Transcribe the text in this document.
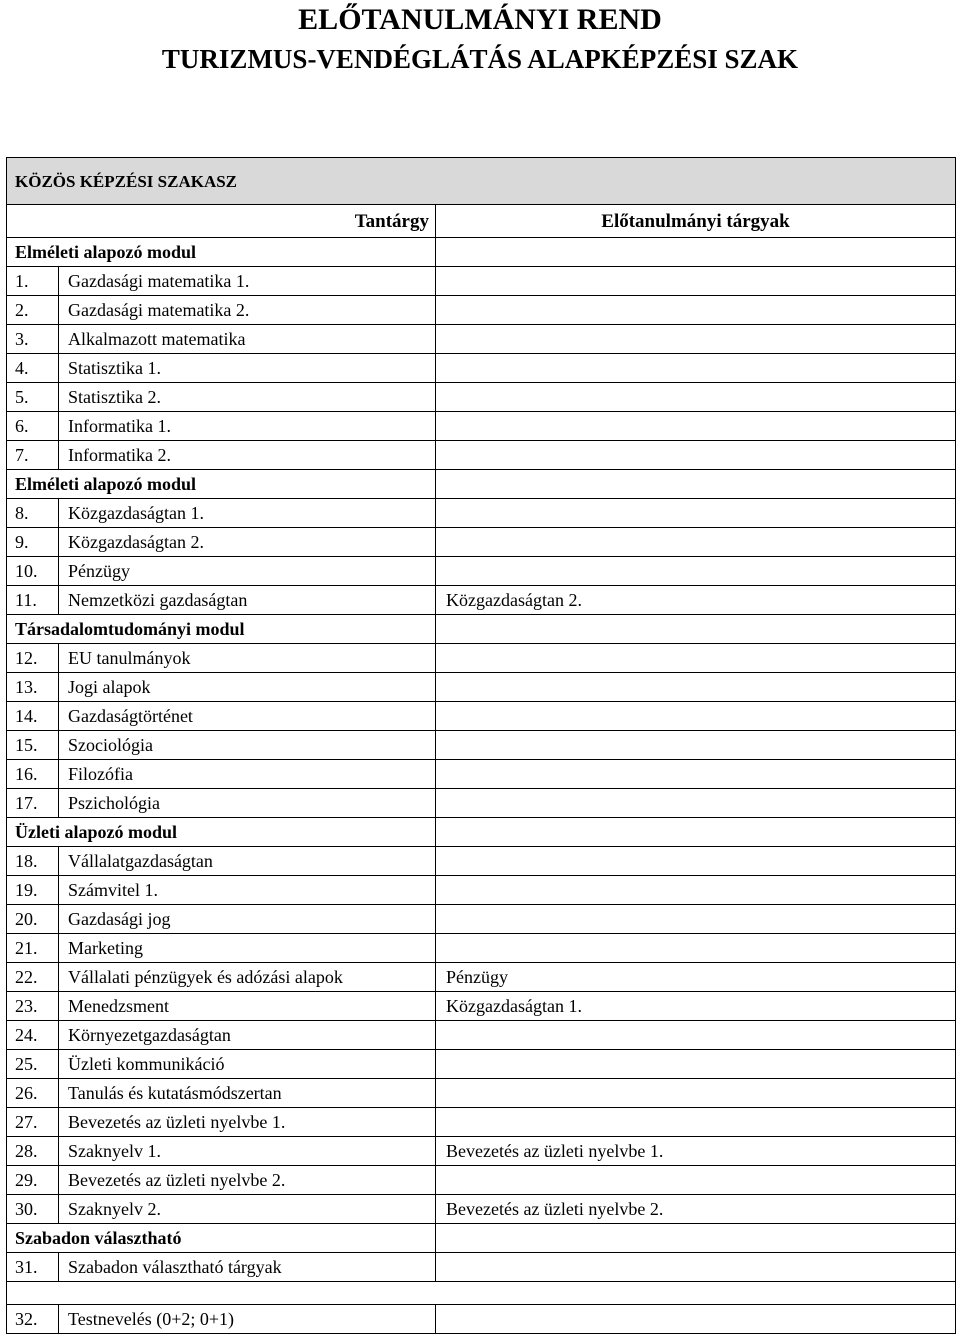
ELŐTANULMÁNYI REND
TURIZMUS-VENDÉGLÁTÁS ALAPKÉPZÉSI SZAK
KÖZÖS KÉPZÉSI SZAKASZ		
Tantárgy		Előtanulmányi tárgyak
Elméleti alapozó modul		
1.	Gazdasági matematika 1.	
2.	Gazdasági matematika 2.	
3.	Alkalmazott matematika	
4.	Statisztika 1.	
5.	Statisztika 2.	
6.	Informatika 1.	
7.	Informatika 2.	
Elméleti alapozó modul		
8.	Közgazdaságtan 1.	
9.	Közgazdaságtan 2.	
10.	Pénzügy	
11.	Nemzetközi gazdaságtan	Közgazdaságtan 2.
Társadalomtudományi modul		
12.	EU tanulmányok	
13.	Jogi alapok	
14.	Gazdaságtörténet	
15.	Szociológia	
16.	Filozófia	
17.	Pszichológia	
Üzleti alapozó modul		
18.	Vállalatgazdaságtan	
19.	Számvitel 1.	
20.	Gazdasági jog	
21.	Marketing	
22.	Vállalati pénzügyek és adózási alapok	Pénzügy
23.	Menedzsment	Közgazdaságtan 1.
24.	Környezetgazdaságtan	
25.	Üzleti kommunikáció	
26.	Tanulás és kutatásmódszertan	
27.	Bevezetés az üzleti nyelvbe 1.	
28.	Szaknyelv 1.	Bevezetés az üzleti nyelvbe 1.
29.	Bevezetés az üzleti nyelvbe 2.	
30.	Szaknyelv 2.	Bevezetés az üzleti nyelvbe 2.
Szabadon választható		
31.	Szabadon választható tárgyak	

32.	Testnevelés (0+2; 0+1)	
